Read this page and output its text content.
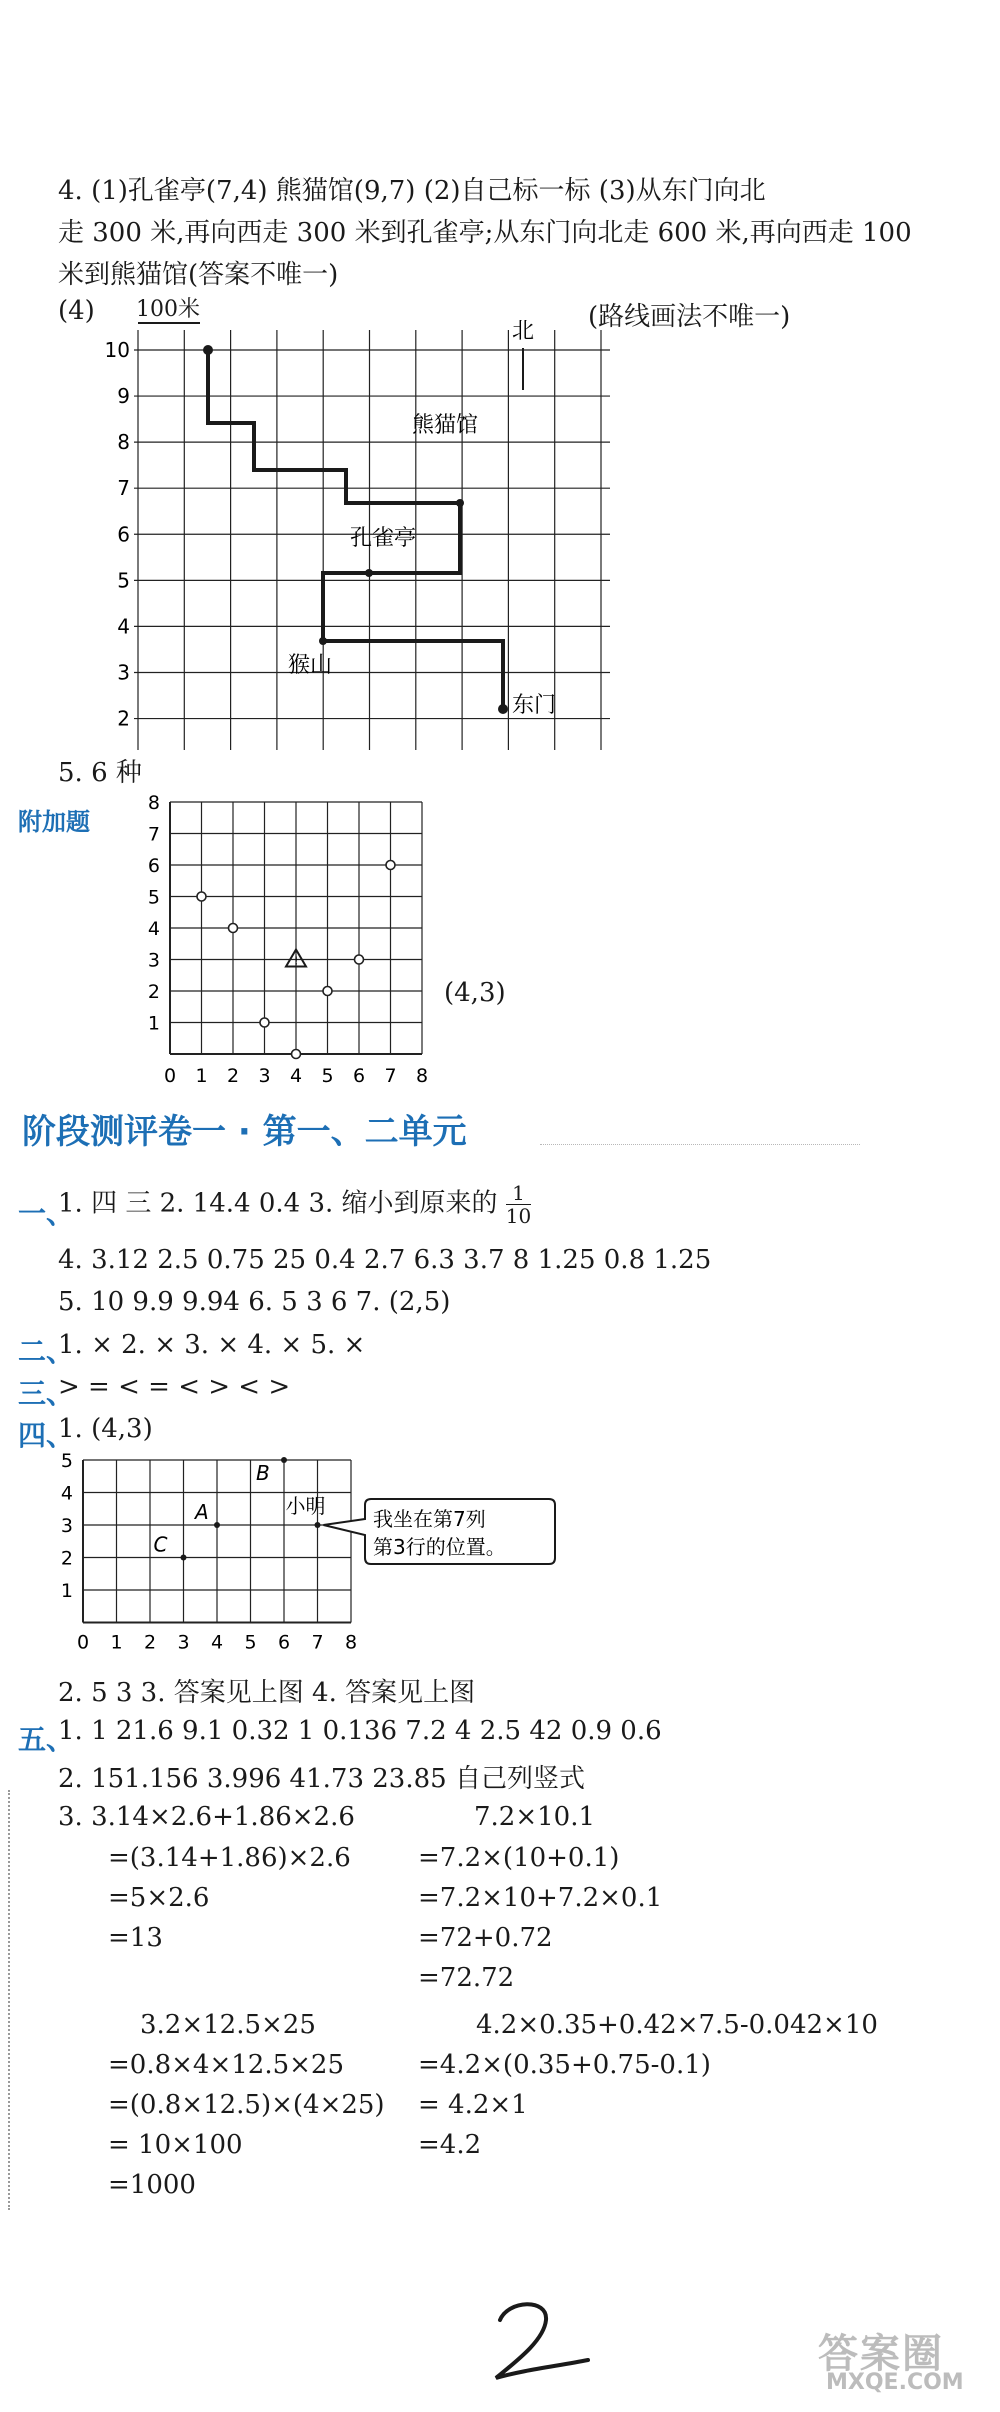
4. (1)孔雀亭(7,4) 熊猫馆(9,7) (2)自己标一标 (3)从东门向北
走 300 米,再向西走 300 米到孔雀亭;从东门向北走 600 米,再向西走 100
米到熊猫馆(答案不唯一)
(4) 100米	(路线画法不唯一)
10
9
8
7
6
5
4
3
2
北
熊猫馆
孔雀亭
猴山
东门
5. 6 种
附加题
8
7
6
5
4
3
2
1
0 1 2 3 4 5 6 7 8
!
(4,3)
阶段测评卷一 · 第一、二单元
一、
1. 四 三 2. 14.4 0.4 3. 缩小到原来的 $\frac{1}{10}$
4. 3.12 2.5 0.75 25 0.4 2.7 6.3 3.7 8 1.25 0.8 1.25
5. 10 9.9 9.94 6. 5 3 6 7. (2,5)
二、
1. × 2. × 3. × 4. × 5. ×
三、
> = < = < > < >
四、
1. (4,3)
5
4
3
2
1
0 1 2 3 4 5 6 7 8
C
A
B
小明
我坐在第7列
第3行的位置。
2. 5 3 3. 答案见上图 4. 答案见上图
五、
1. 1 21.6 9.1 0.32 1 0.136 7.2 4 2.5 42 0.9 0.6
2. 151.156 3.996 41.73 23.85 自己列竖式
3. 3.14×2.6+1.86×2.6
=(3.14+1.86)×2.6
=5×2.6
=13
7.2×10.1
=7.2×(10+0.1)
=7.2×10+7.2×0.1
=72+0.72
=72.72
3.2×12.5×25
=0.8×4×12.5×25
=(0.8×12.5)×(4×25)
= 10×100
=1000
4.2×0.35+0.42×7.5-0.042×10
=4.2×(0.35+0.75-0.1)
= 4.2×1
=4.2
2
答案圈
MXQE.COM
